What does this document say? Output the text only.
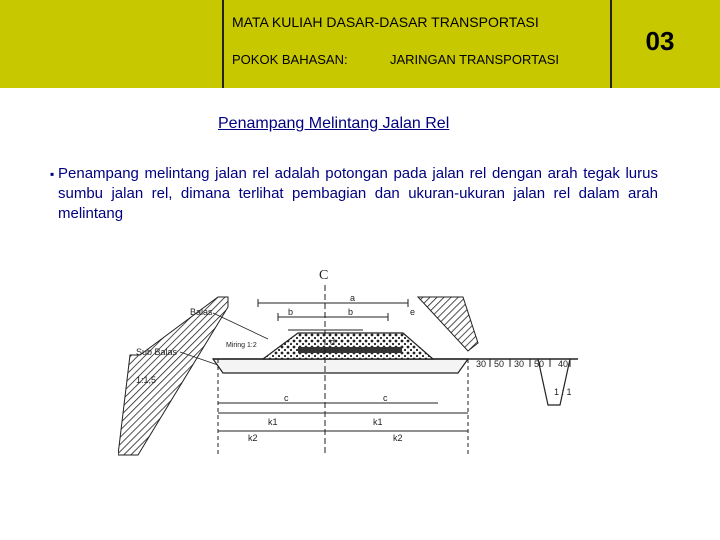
MATA KULIAH DASAR-DASAR TRANSPORTASI
POKOK BAHASAN:	JARINGAN TRANSPORTASI
03
Penampang Melintang Jalan Rel
▪ Penampang melintang jalan rel adalah potongan pada jalan rel dengan arah tegak lurus sumbu jalan rel, dimana terlihat pembagian dan ukuran-ukuran jalan rel dalam arah melintang
C
Balas
Sub Balas
1:1,5
Miring 1:2
1 : 1
a
b	b	e
d
c	c
k1	k1
k2	k2
30 50 30 50 40
